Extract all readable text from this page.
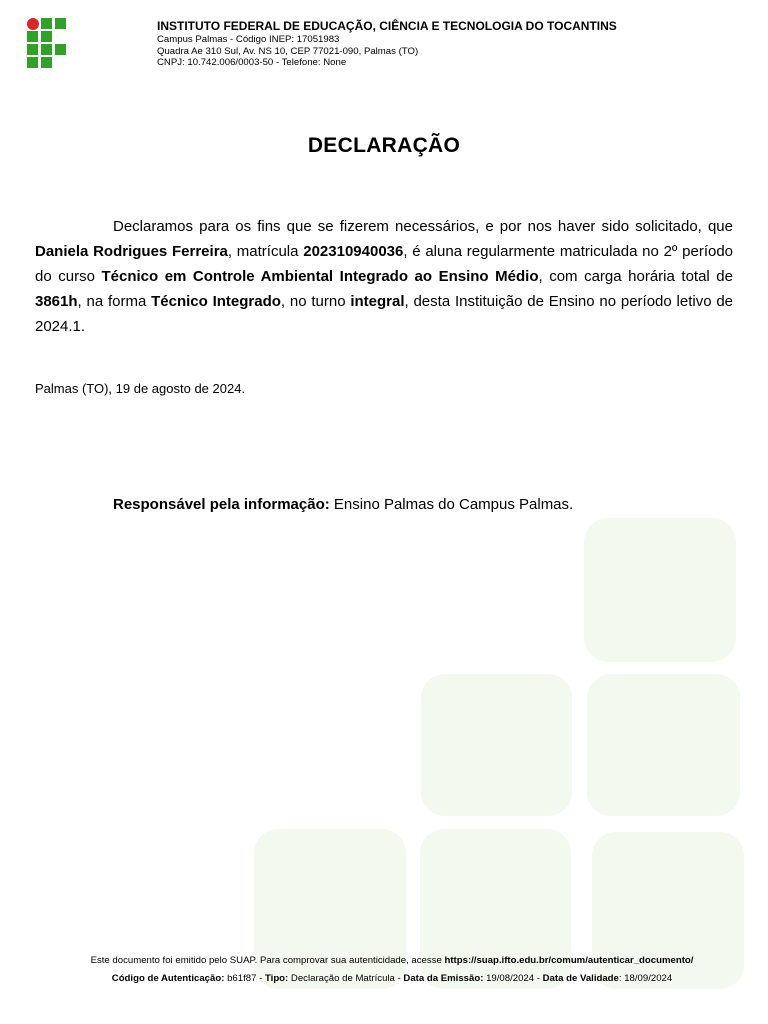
INSTITUTO FEDERAL DE EDUCAÇÃO, CIÊNCIA E TECNOLOGIA DO TOCANTINS
Campus Palmas - Código INEP: 17051983
Quadra Ae 310 Sul, Av. NS 10, CEP 77021-090, Palmas (TO)
CNPJ: 10.742.006/0003-50 - Telefone: None
DECLARAÇÃO
Declaramos para os fins que se fizerem necessários, e por nos haver sido solicitado, que Daniela Rodrigues Ferreira, matrícula 202310940036, é aluna regularmente matriculada no 2º período do curso Técnico em Controle Ambiental Integrado ao Ensino Médio, com carga horária total de 3861h, na forma Técnico Integrado, no turno integral, desta Instituição de Ensino no período letivo de 2024.1.
Palmas (TO), 19 de agosto de 2024.
Responsável pela informação: Ensino Palmas do Campus Palmas.
Este documento foi emitido pelo SUAP. Para comprovar sua autenticidade, acesse https://suap.ifto.edu.br/comum/autenticar_documento/
Código de Autenticação: b61f87 - Tipo: Declaração de Matrícula - Data da Emissão: 19/08/2024 - Data de Validade: 18/09/2024
